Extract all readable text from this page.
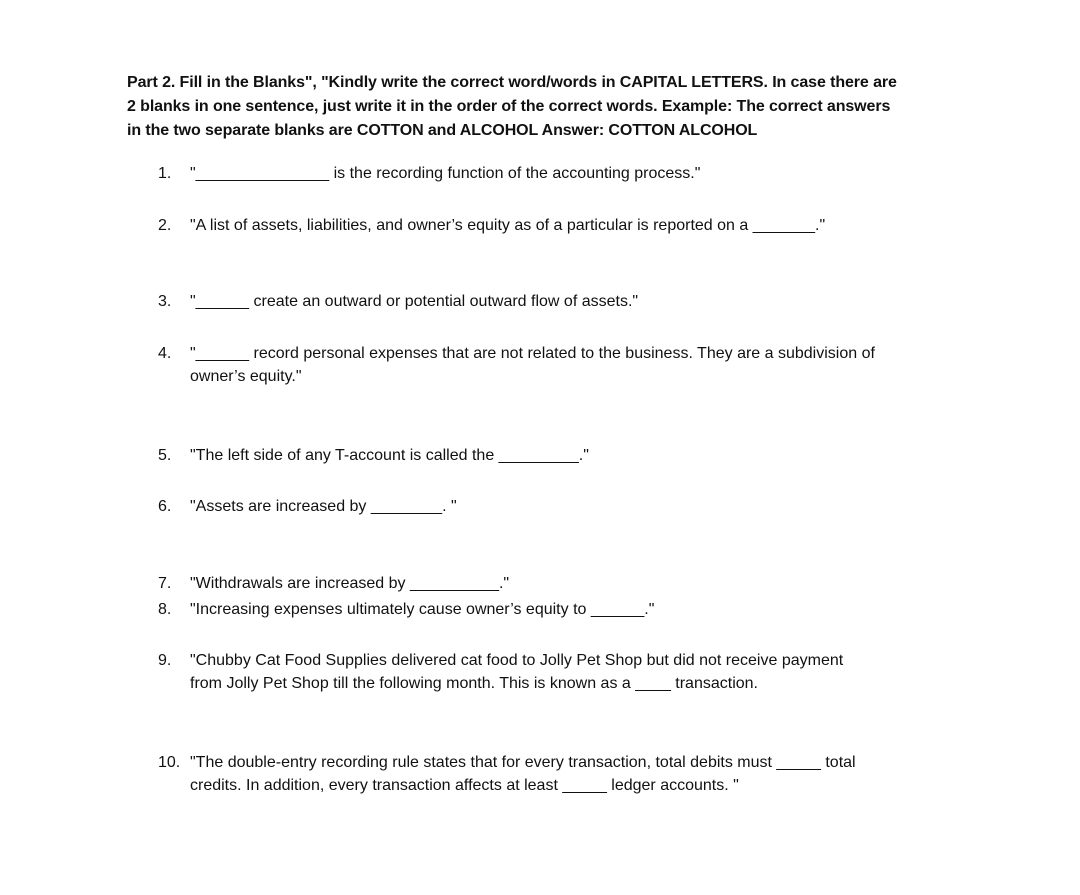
Part 2. Fill in the Blanks", "Kindly write the correct word/words in CAPITAL LETTERS. In case there are
2 blanks in one sentence, just write it in the order of the correct words. Example: The correct answers
in the two separate blanks are COTTON and ALCOHOL Answer: COTTON ALCOHOL
1.	"_______________ is the recording function of the accounting process."
2.	"A list of assets, liabilities, and owner’s equity as of a particular is reported on a _______."
3.	"______ create an outward or potential outward flow of assets."
4.	"______ record personal expenses that are not related to the business. They are a subdivision of
owner’s equity."
5.	"The left side of any T-account is called the _________."
6.	"Assets are increased by ________. "
7.	"Withdrawals are increased by __________."
8.	"Increasing expenses ultimately cause owner’s equity to ______."
9.	"Chubby Cat Food Supplies delivered cat food to Jolly Pet Shop but did not receive payment
from Jolly Pet Shop till the following month. This is known as a ____ transaction.
10. "The double-entry recording rule states that for every transaction, total debits must _____ total
credits. In addition, every transaction affects at least _____ ledger accounts. "
